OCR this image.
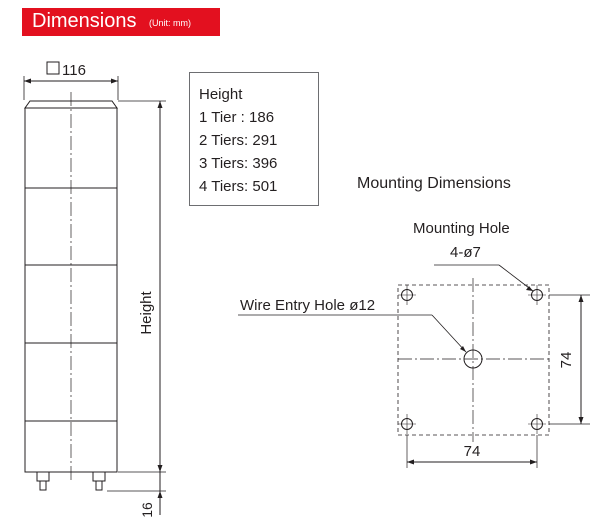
Dimensions (Unit: mm)
116
Height
16
Mounting Dimensions
Mounting Hole
4-ø7
Wire Entry Hole ø12
74
74
Height
1 Tier : 186
2 Tiers: 291
3 Tiers: 396
4 Tiers: 501
